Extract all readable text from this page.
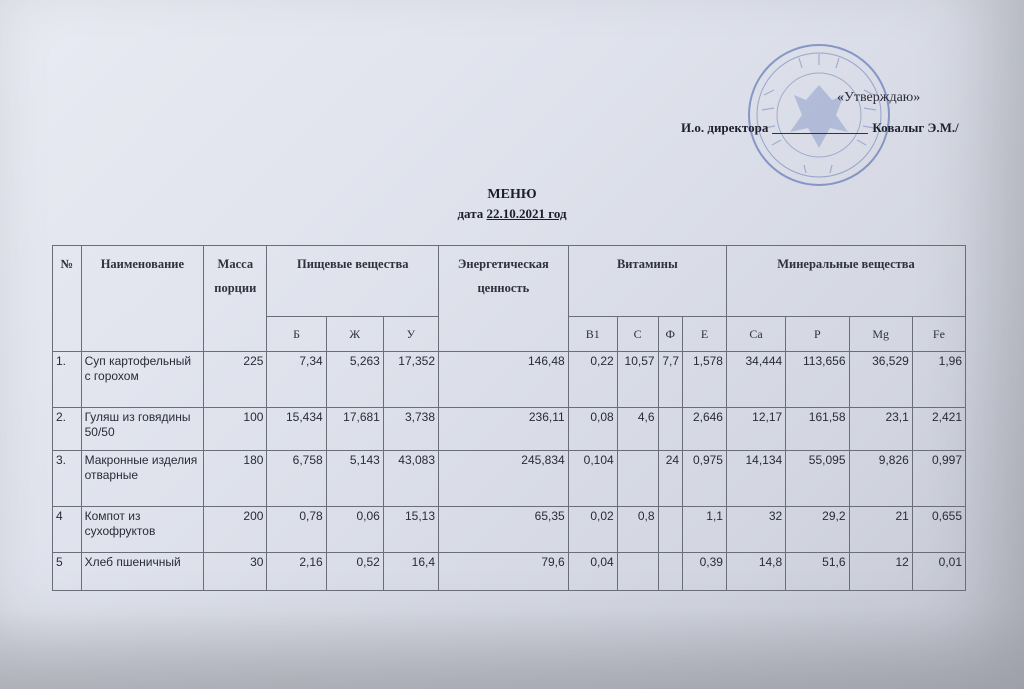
«Утверждаю»
И.о. директора	Ковалыг Э.М./
МЕНЮ
дата 22.10.2021 год
№	Наименование	Масса порции	Пищевые вещества			Энергетическая ценность	Витамины				Минеральные вещества			
			Б	Ж	У		В1	С	Ф	Е	Са	Р	Mg	Fe
1.	Суп картофельный с горохом	225	7,34	5,263	17,352	146,48	0,22	10,57	7,7	1,578	34,444	113,656	36,529	1,96
2.	Гуляш из говядины 50/50	100	15,434	17,681	3,738	236,11	0,08	4,6		2,646	12,17	161,58	23,1	2,421
3.	Макронные изделия отварные	180	6,758	5,143	43,083	245,834	0,104		24	0,975	14,134	55,095	9,826	0,997
4	Компот из сухофруктов	200	0,78	0,06	15,13	65,35	0,02	0,8		1,1	32	29,2	21	0,655
5	Хлеб пшеничный	30	2,16	0,52	16,4	79,6	0,04			0,39	14,8	51,6	12	0,01
